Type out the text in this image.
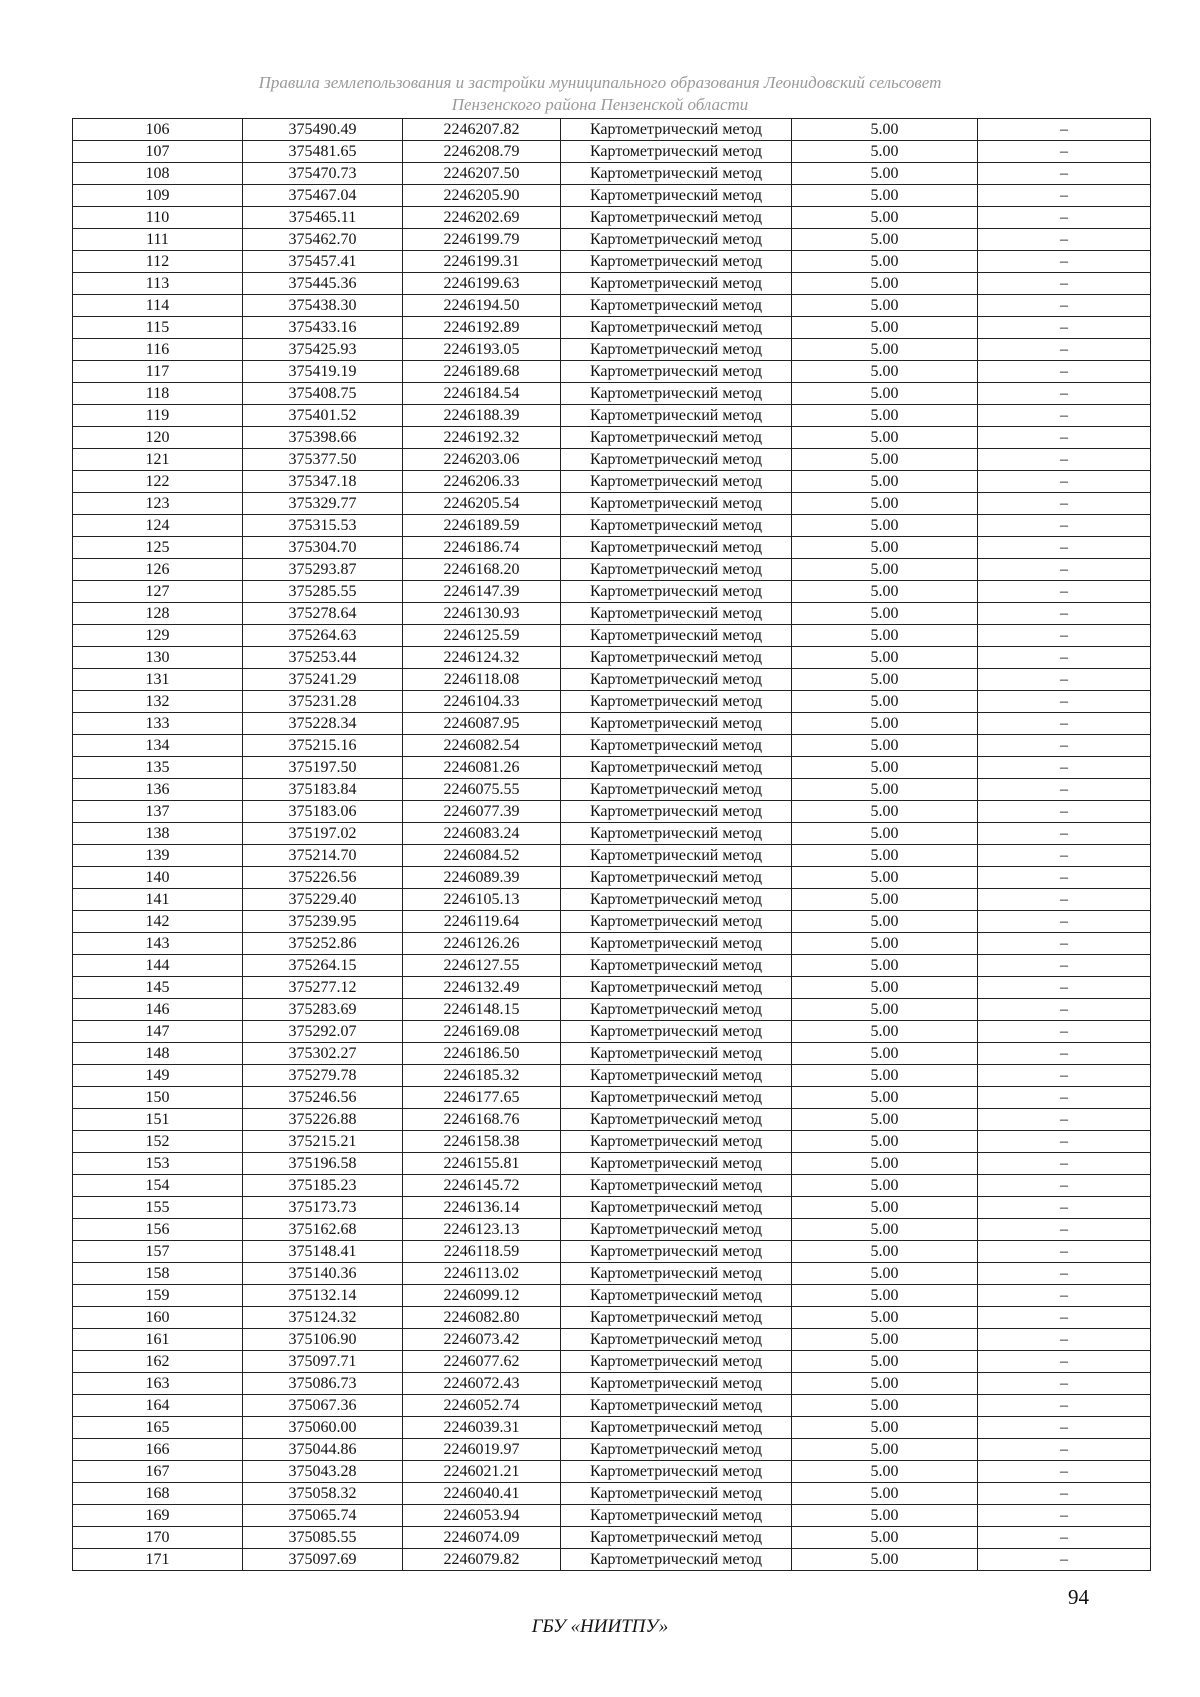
Правила землепользования и застройки муниципального образования Леонидовский сельсовет
Пензенского района Пензенской области
106	375490.49	2246207.82	Картометрический метод	5.00	–
107	375481.65	2246208.79	Картометрический метод	5.00	–
108	375470.73	2246207.50	Картометрический метод	5.00	–
109	375467.04	2246205.90	Картометрический метод	5.00	–
110	375465.11	2246202.69	Картометрический метод	5.00	–
111	375462.70	2246199.79	Картометрический метод	5.00	–
112	375457.41	2246199.31	Картометрический метод	5.00	–
113	375445.36	2246199.63	Картометрический метод	5.00	–
114	375438.30	2246194.50	Картометрический метод	5.00	–
115	375433.16	2246192.89	Картометрический метод	5.00	–
116	375425.93	2246193.05	Картометрический метод	5.00	–
117	375419.19	2246189.68	Картометрический метод	5.00	–
118	375408.75	2246184.54	Картометрический метод	5.00	–
119	375401.52	2246188.39	Картометрический метод	5.00	–
120	375398.66	2246192.32	Картометрический метод	5.00	–
121	375377.50	2246203.06	Картометрический метод	5.00	–
122	375347.18	2246206.33	Картометрический метод	5.00	–
123	375329.77	2246205.54	Картометрический метод	5.00	–
124	375315.53	2246189.59	Картометрический метод	5.00	–
125	375304.70	2246186.74	Картометрический метод	5.00	–
126	375293.87	2246168.20	Картометрический метод	5.00	–
127	375285.55	2246147.39	Картометрический метод	5.00	–
128	375278.64	2246130.93	Картометрический метод	5.00	–
129	375264.63	2246125.59	Картометрический метод	5.00	–
130	375253.44	2246124.32	Картометрический метод	5.00	–
131	375241.29	2246118.08	Картометрический метод	5.00	–
132	375231.28	2246104.33	Картометрический метод	5.00	–
133	375228.34	2246087.95	Картометрический метод	5.00	–
134	375215.16	2246082.54	Картометрический метод	5.00	–
135	375197.50	2246081.26	Картометрический метод	5.00	–
136	375183.84	2246075.55	Картометрический метод	5.00	–
137	375183.06	2246077.39	Картометрический метод	5.00	–
138	375197.02	2246083.24	Картометрический метод	5.00	–
139	375214.70	2246084.52	Картометрический метод	5.00	–
140	375226.56	2246089.39	Картометрический метод	5.00	–
141	375229.40	2246105.13	Картометрический метод	5.00	–
142	375239.95	2246119.64	Картометрический метод	5.00	–
143	375252.86	2246126.26	Картометрический метод	5.00	–
144	375264.15	2246127.55	Картометрический метод	5.00	–
145	375277.12	2246132.49	Картометрический метод	5.00	–
146	375283.69	2246148.15	Картометрический метод	5.00	–
147	375292.07	2246169.08	Картометрический метод	5.00	–
148	375302.27	2246186.50	Картометрический метод	5.00	–
149	375279.78	2246185.32	Картометрический метод	5.00	–
150	375246.56	2246177.65	Картометрический метод	5.00	–
151	375226.88	2246168.76	Картометрический метод	5.00	–
152	375215.21	2246158.38	Картометрический метод	5.00	–
153	375196.58	2246155.81	Картометрический метод	5.00	–
154	375185.23	2246145.72	Картометрический метод	5.00	–
155	375173.73	2246136.14	Картометрический метод	5.00	–
156	375162.68	2246123.13	Картометрический метод	5.00	–
157	375148.41	2246118.59	Картометрический метод	5.00	–
158	375140.36	2246113.02	Картометрический метод	5.00	–
159	375132.14	2246099.12	Картометрический метод	5.00	–
160	375124.32	2246082.80	Картометрический метод	5.00	–
161	375106.90	2246073.42	Картометрический метод	5.00	–
162	375097.71	2246077.62	Картометрический метод	5.00	–
163	375086.73	2246072.43	Картометрический метод	5.00	–
164	375067.36	2246052.74	Картометрический метод	5.00	–
165	375060.00	2246039.31	Картометрический метод	5.00	–
166	375044.86	2246019.97	Картометрический метод	5.00	–
167	375043.28	2246021.21	Картометрический метод	5.00	–
168	375058.32	2246040.41	Картометрический метод	5.00	–
169	375065.74	2246053.94	Картометрический метод	5.00	–
170	375085.55	2246074.09	Картометрический метод	5.00	–
171	375097.69	2246079.82	Картометрический метод	5.00	–
94
ГБУ «НИИТПУ»
